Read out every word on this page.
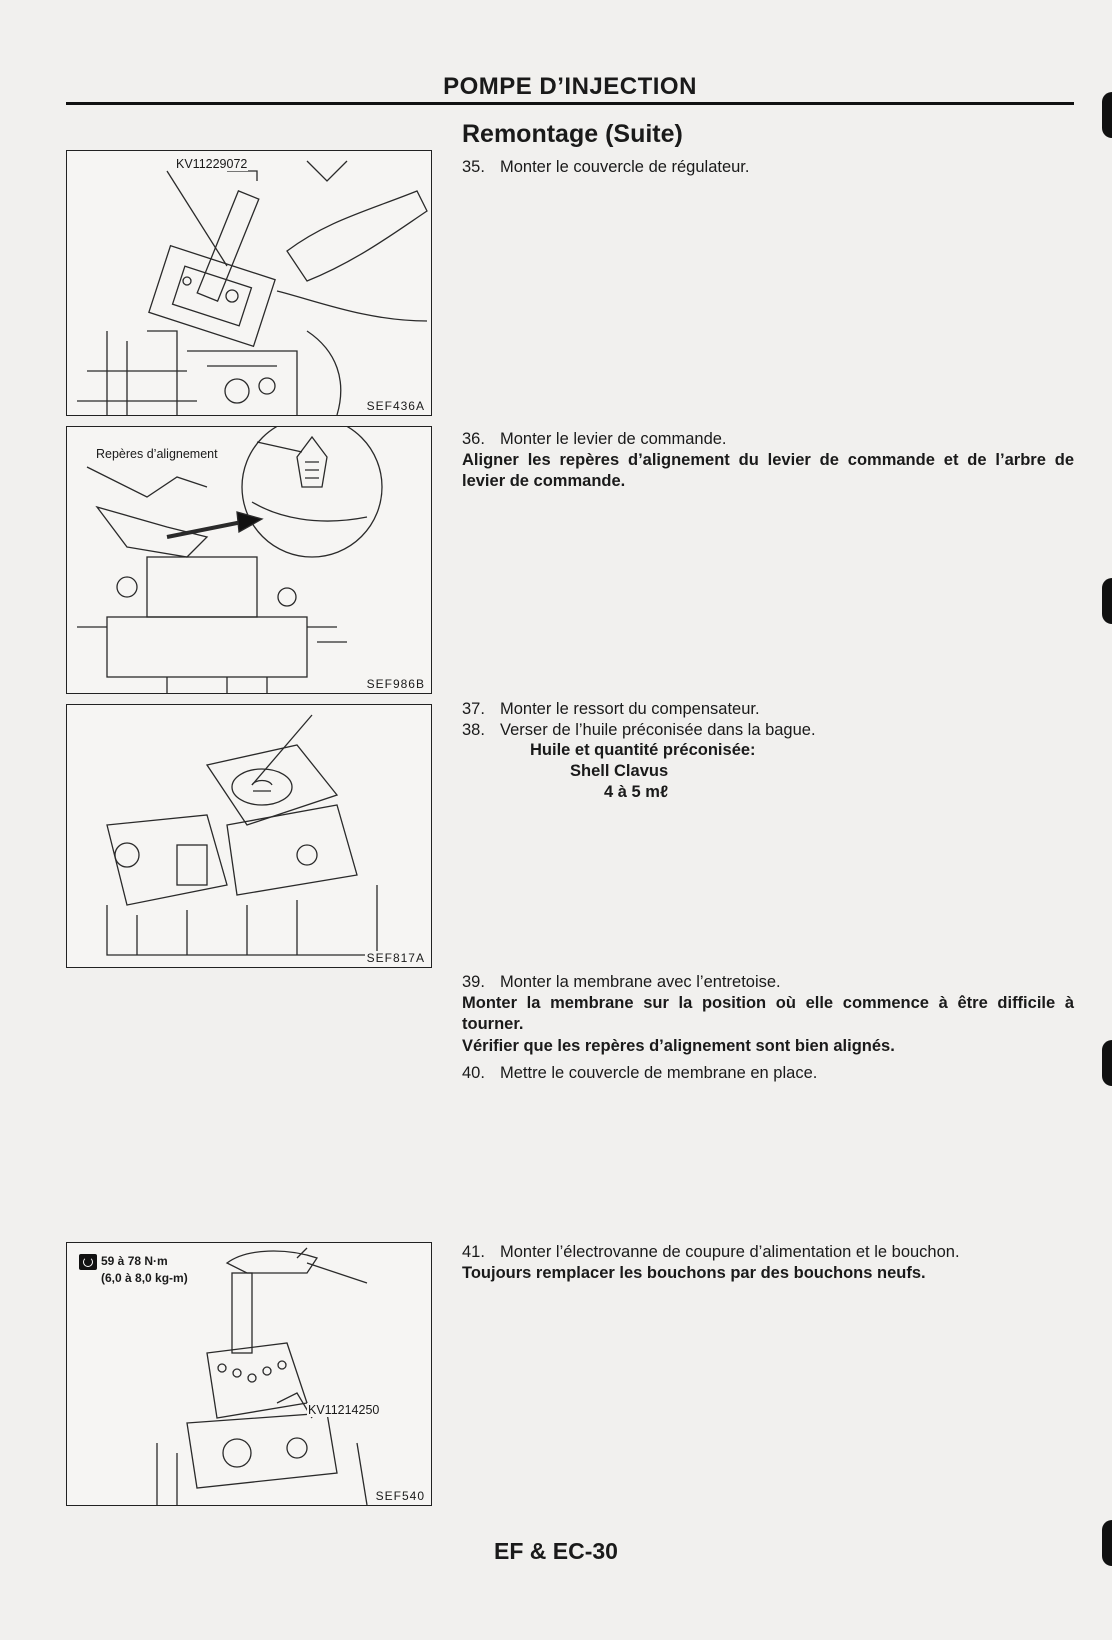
POMPE D’INJECTION
Remontage (Suite)
KV11229072
SEF436A
Repères d’alignement
SEF986B
SEF817A
59 à 78 N·m
(6,0 à 8,0 kg-m)
KV11214250
SEF540
35. Monter le couvercle de régulateur.
36. Monter le levier de commande.
Aligner les repères d’alignement du levier de commande et de l’arbre de levier de commande.
37. Monter le ressort du compensateur.
38. Verser de l’huile préconisée dans la bague.
Huile et quantité préconisée:
Shell Clavus
4 à 5 mℓ
39. Monter la membrane avec l’entretoise.
Monter la membrane sur la position où elle commence à être difficile à tourner.
Vérifier que les repères d’alignement sont bien alignés.
40. Mettre le couvercle de membrane en place.
41. Monter l’électrovanne de coupure d’alimentation et le bouchon.
Toujours remplacer les bouchons par des bouchons neufs.
EF & EC-30
